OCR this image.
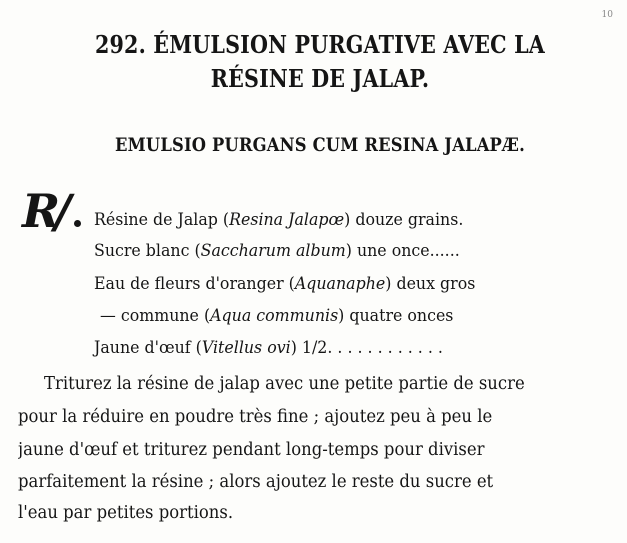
10
292. ÉMULSION PURGATIVE AVEC LA
RÉSINE DE JALAP.
EMULSIO PURGANS CUM RESINA JALAPÆ.
R/ Résine de Jalap (Resina Jalapœ) douze grains.
Sucre blanc (Saccharum album) une once......
Eau de fleurs d'oranger (Aquanaphe) deux gros
— commune (Aqua communis) quatre onces
Jaune d'œuf (Vitellus ovi) 1/2. . . . . . . . . . . .
Triturez la résine de jalap avec une petite partie de sucre
pour la réduire en poudre très fine ; ajoutez peu à peu le
jaune d'œuf et triturez pendant long-temps pour diviser
parfaitement la résine ; alors ajoutez le reste du sucre et
l'eau par petites portions.
